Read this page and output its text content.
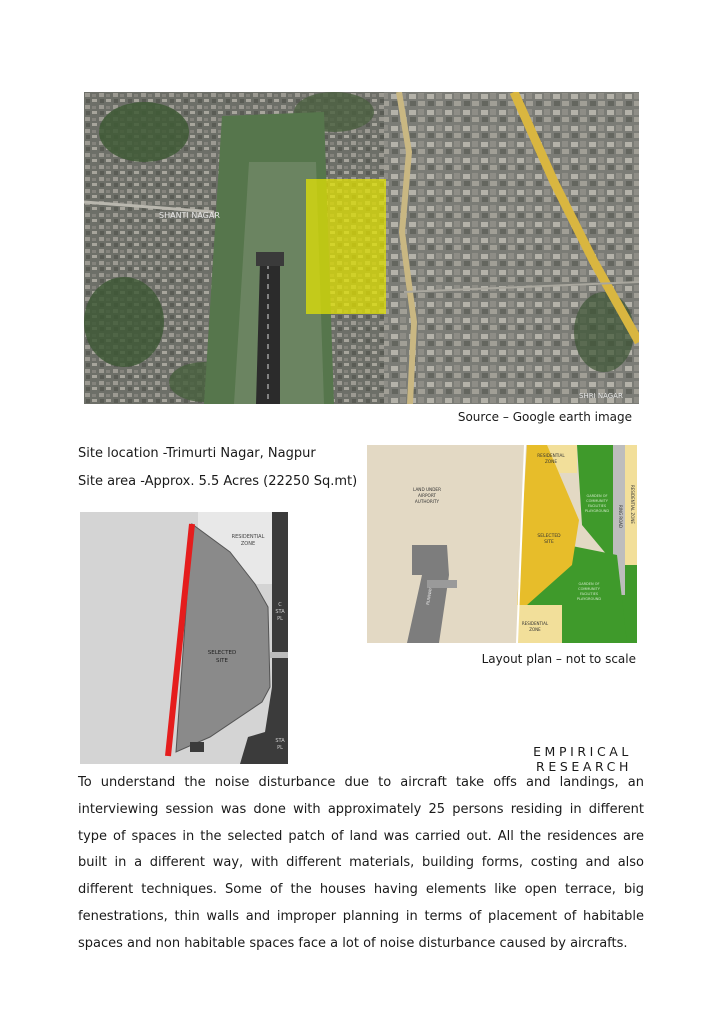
SHANTI NAGAR
SHRI NAGAR
Source – Google earth image
Site location -Trimurti Nagar, Nagpur
Site area -Approx. 5.5 Acres (22250 Sq.mt)
RESIDENTIAL
ZONE
LAND UNDER
AIRPORT
AUTHORITY
SELECTED
SITE
RUNWAY
RESIDENTIAL
ZONE
RESIDENTIAL ZONE
RING ROAD
GARDEN OF
COMMUNITY
FACILITIES
PLAYGROUND
GARDEN OF
COMMUNITY
FACILITIES
PLAYGROUND
Layout plan – not to scale
RESIDENTIAL
ZONE
SELECTED
SITE
C
STA
PL
STA
PL	EMPIRICAL RESEARCH
To understand the noise disturbance due to aircraft take offs and landings, an interviewing session was done with approximately 25 persons residing in different type of spaces in the selected patch of land was carried out. All the residences are built in a different way, with different materials, building forms, costing and also different techniques. Some of the houses having elements like open terrace, big fenestrations, thin walls and improper planning in terms of placement of habitable spaces and non habitable spaces face a lot of noise disturbance caused by aircrafts.
